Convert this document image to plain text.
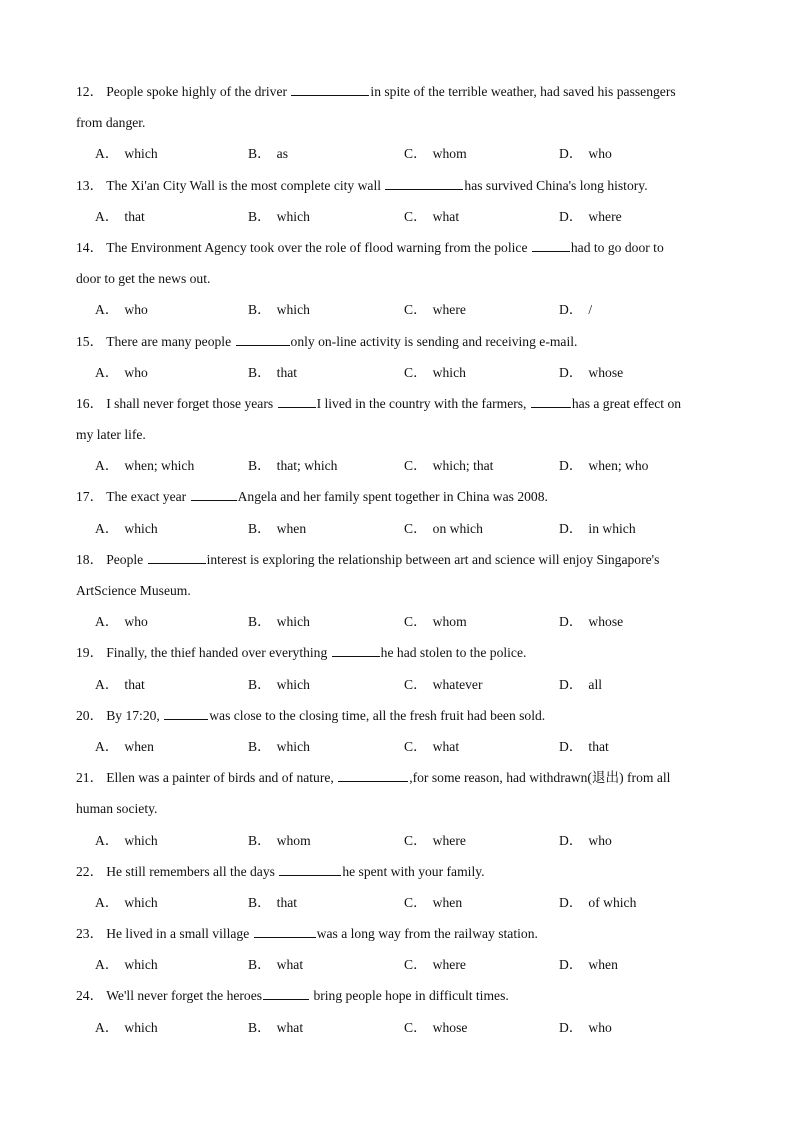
12． People spoke highly of the driver	in spite of the terrible weather, had saved his passengers
from danger.
A． which	B． as	C． whom	D． who
13． The Xi'an City Wall is the most complete city wall	has survived China's long history.
A． that	B． which	C． what	D． where
14． The Environment Agency took over the role of flood warning from the police	had to go door to
door to get the news out.
A． who	B． which	C． where	D． /
15． There are many people	only on-line activity is sending and receiving e-mail.
A． who	B． that	C． which	D． whose
16． I shall never forget those years	I lived in the country with the farmers,	has a great effect on
my later life.
A． when; which	B． that; which	C． which; that	D． when; who
17． The exact year	Angela and her family spent together in China was 2008.
A． which	B． when	C． on which	D． in which
18． People	interest is exploring the relationship between art and science will enjoy Singapore's
ArtScience Museum.
A． who	B． which	C． whom	D． whose
19． Finally, the thief handed over everything	he had stolen to the police.
A． that	B． which	C． whatever	D． all
20． By 17:20,	was close to the closing time, all the fresh fruit had been sold.
A． when	B． which	C． what	D． that
21． Ellen was a painter of birds and of nature,	,for some reason, had withdrawn(退出) from all
human society.
A． which	B． whom	C． where	D． who
22． He still remembers all the days	he spent with your family.
A． which	B． that	C． when	D． of which
23． He lived in a small village	was a long way from the railway station.
A． which	B． what	C． where	D． when
24． We'll never forget the heroes	bring people hope in difficult times.
A． which	B． what	C． whose	D． who
